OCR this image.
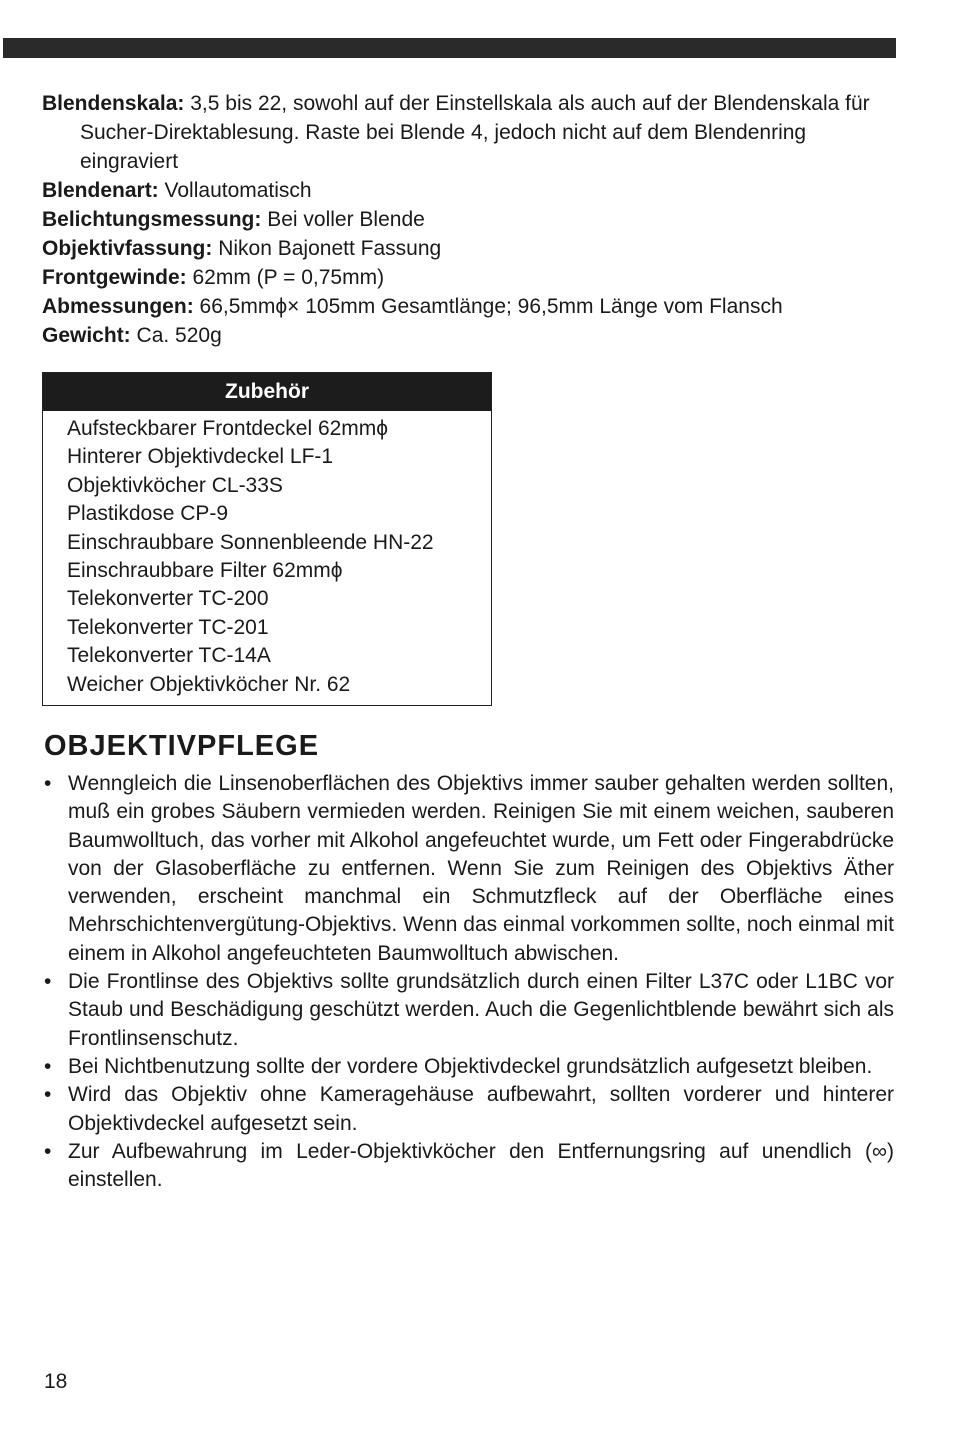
Blendenskala: 3,5 bis 22, sowohl auf der Einstellskala als auch auf der Blendenskala für Sucher-Direktablesung. Raste bei Blende 4, jedoch nicht auf dem Blendenring eingraviert

Blendenart: Vollautomatisch

Belichtungsmessung: Bei voller Blende

Objektivfassung: Nikon Bajonett Fassung

Frontgewinde: 62mm (P = 0,75mm)

Abmessungen: 66,5mmϕ× 105mm Gesamtlänge; 96,5mm Länge vom Flansch

Gewicht: Ca. 520g

Zubehör
Aufsteckbarer Frontdeckel 62mmϕ
Hinterer Objektivdeckel LF-1
Objektivköcher CL-33S
Plastikdose CP-9
Einschraubbare Sonnenbleende HN-22
Einschraubbare Filter 62mmϕ
Telekonverter TC-200
Telekonverter TC-201
Telekonverter TC-14A
Weicher Objektivköcher Nr. 62
OBJEKTIVPFLEGE
• Wenngleich die Linsenoberflächen des Objektivs immer sauber gehalten werden sollten, muß ein grobes Säubern vermieden werden. Reinigen Sie mit einem weichen, sauberen Baumwolltuch, das vorher mit Alkohol angefeuchtet wurde, um Fett oder Fingerabdrücke von der Glasoberfläche zu entfernen. Wenn Sie zum Reinigen des Objektivs Äther verwenden, erscheint manchmal ein Schmutzfleck auf der Oberfläche eines Mehrschichtenvergütung-Objektivs. Wenn das einmal vorkommen sollte, noch einmal mit einem in Alkohol angefeuchteten Baumwolltuch abwischen.
• Die Frontlinse des Objektivs sollte grundsätzlich durch einen Filter L37C oder L1BC vor Staub und Beschädigung geschützt werden. Auch die Gegenlichtblende bewährt sich als Frontlinsenschutz.
• Bei Nichtbenutzung sollte der vordere Objektivdeckel grundsätzlich aufgesetzt bleiben.
• Wird das Objektiv ohne Kameragehäuse aufbewahrt, sollten vorderer und hinterer Objektivdeckel aufgesetzt sein.
• Zur Aufbewahrung im Leder-Objektivköcher den Entfernungsring auf unendlich (∞) einstellen.
18
